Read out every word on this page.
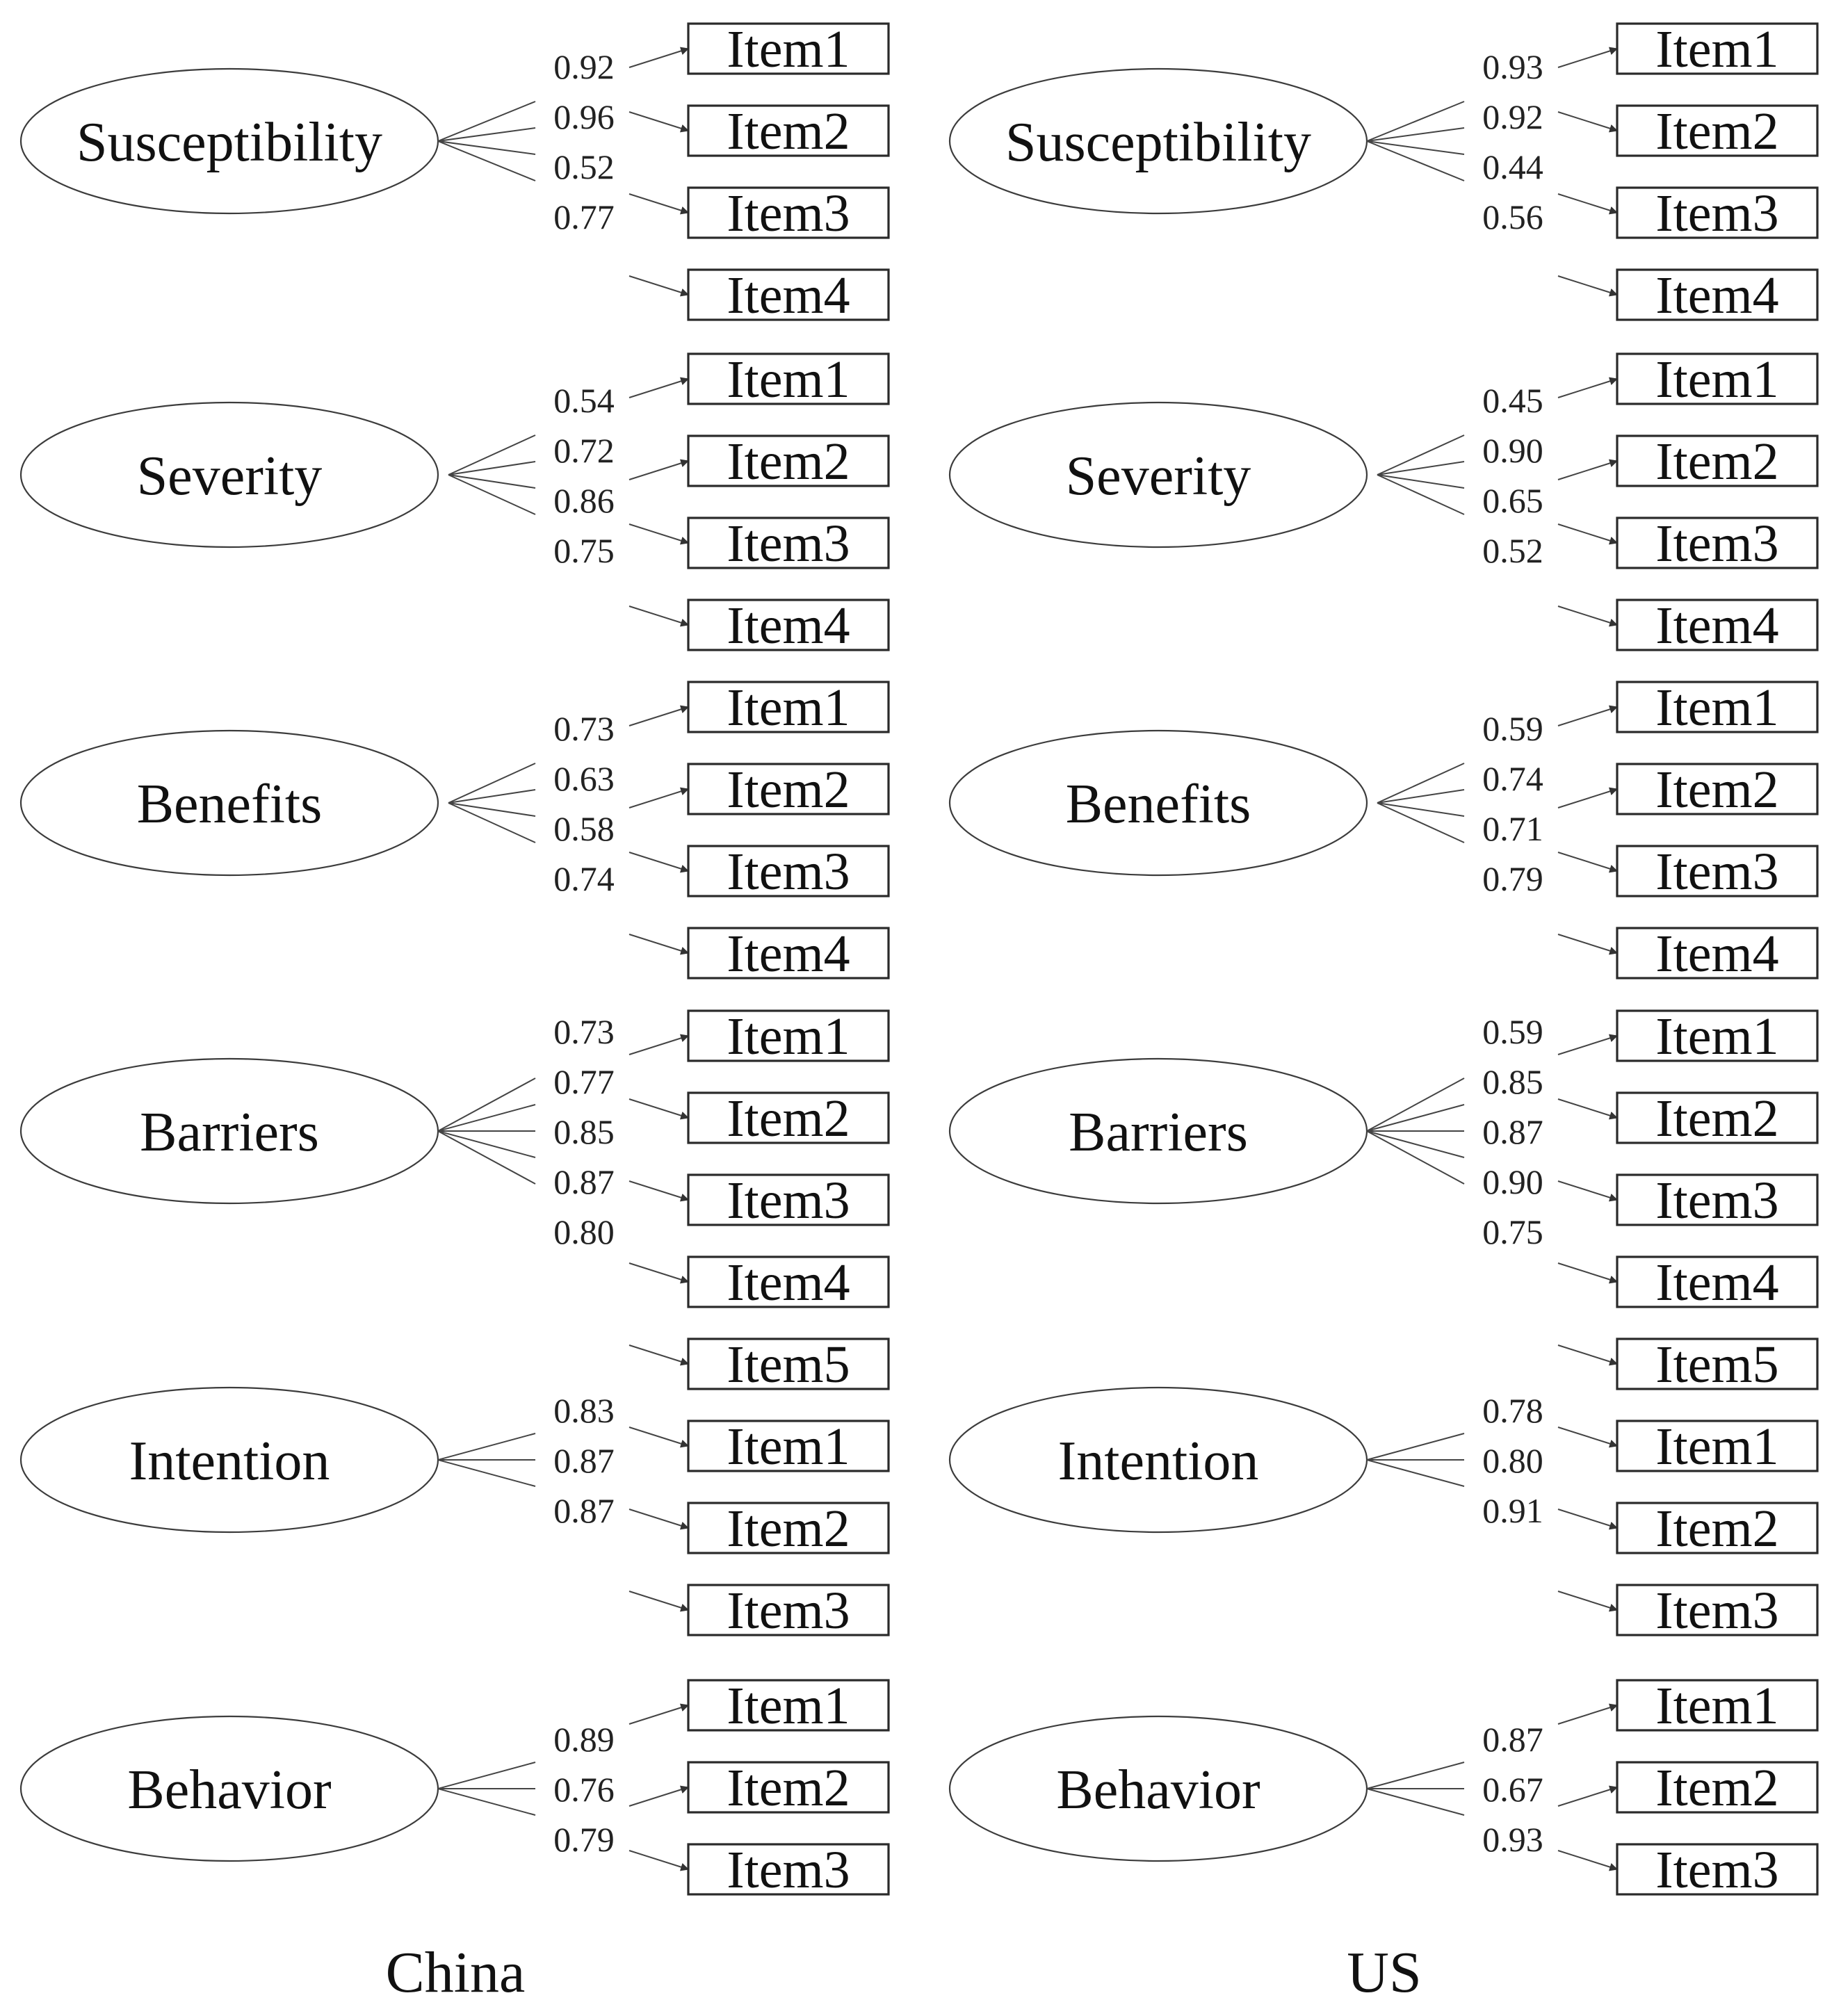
Susceptibility
0.92 Item1
0.96 Item2
0.52
Item3
0.77
Item4
Severity
0.54 Item1
0.72 Item2
0.86
Item3
0.75
Item4
Benefits
0.73 Item1
0.63 Item2
0.58
Item3
0.74
Item4
Barriers
0.73 Item1
0.77
Item2
0.85
Item3
0.87
Item4
0.80
Item5
Intention
0.83
Item1
0.87
Item2
0.87
Item3
Behavior
0.89
Item1
0.76 Item2
0.79
Item3
China
Susceptibility
0.93 Item1
0.92 Item2
0.44
Item3
0.56
Item4
Severity
0.45 Item1
0.90 Item2
0.65
Item3
0.52
Item4
Benefits
0.59 Item1
0.74 Item2
0.71
Item3
0.79
Item4
Barriers
0.59 Item1
0.85
Item2
0.87
Item3
0.90
Item4
0.75
Item5
Intention
0.78
Item1
0.80
Item2
0.91
Item3
Behavior
0.87
Item1
0.67 Item2
0.93
Item3
US
